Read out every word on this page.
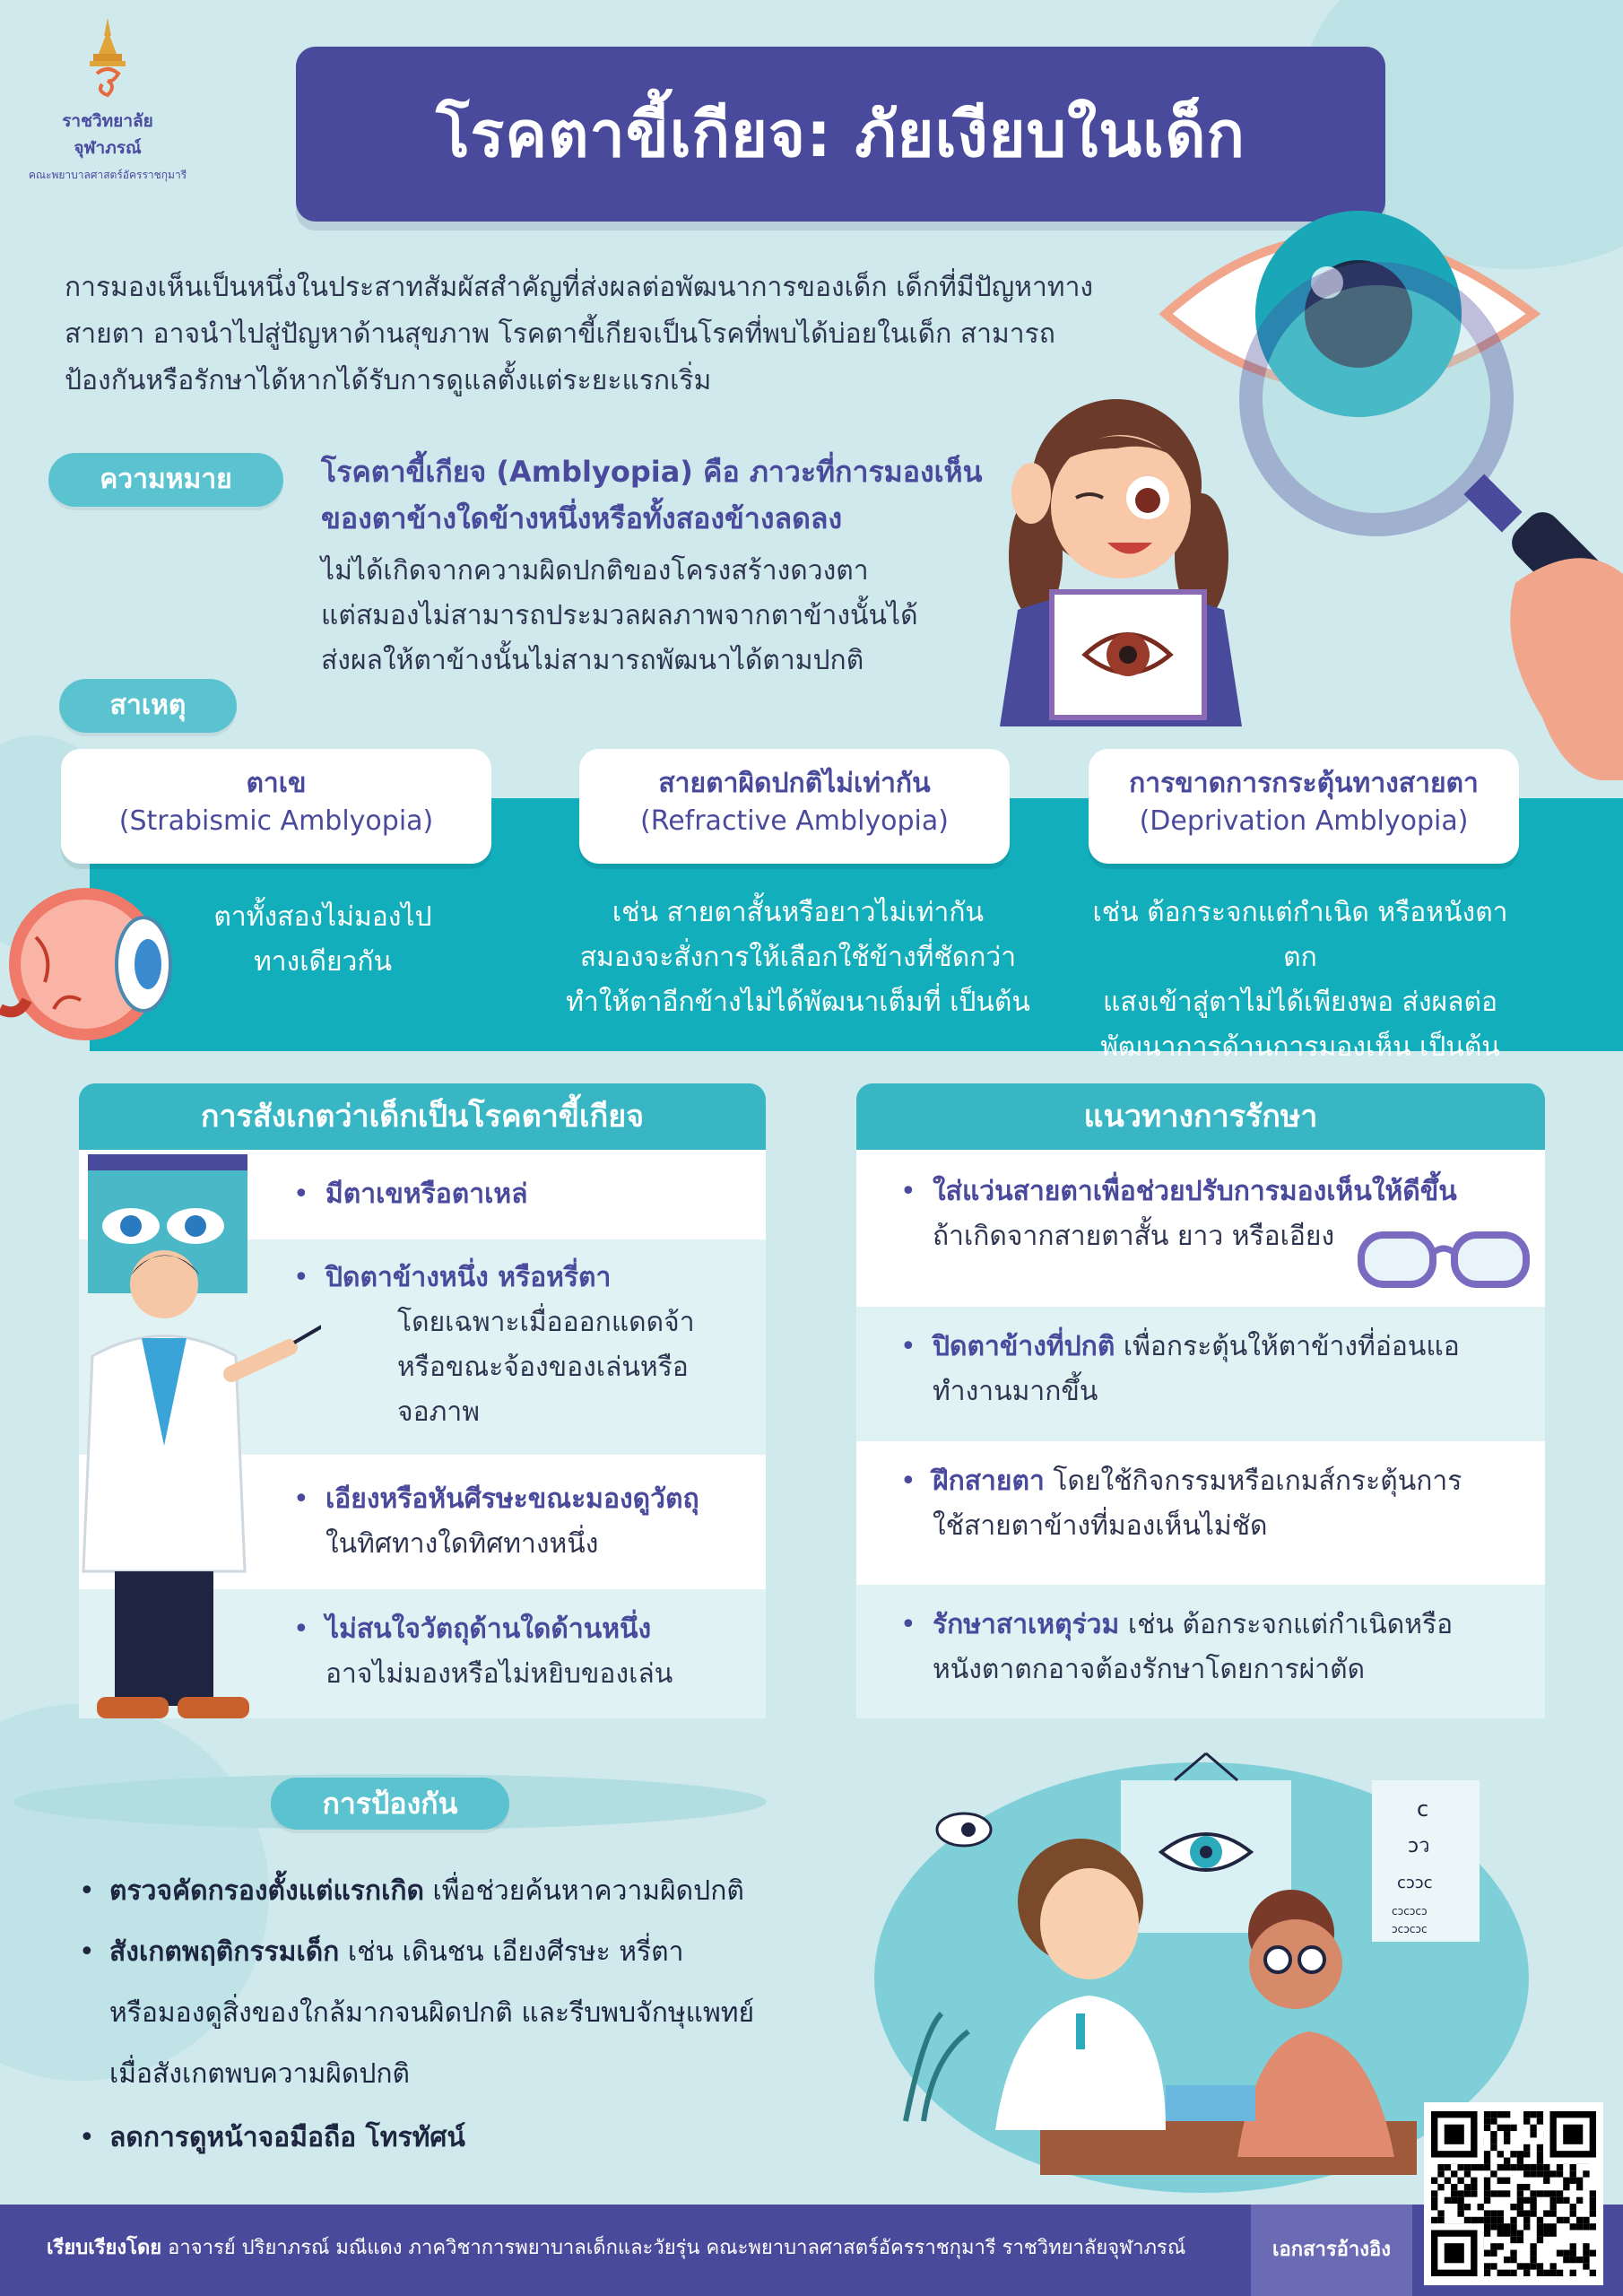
ราชวิทยาลัย
จุฬาภรณ์
คณะพยาบาลศาสตร์อัครราชกุมารี
โรคตาขี้เกียจ: ภัยเงียบในเด็ก
การมองเห็นเป็นหนึ่งในประสาทสัมผัสสำคัญที่ส่งผลต่อพัฒนาการของเด็ก เด็กที่มีปัญหาทาง
สายตา อาจนำไปสู่ปัญหาด้านสุขภาพ โรคตาขี้เกียจเป็นโรคที่พบได้บ่อยในเด็ก สามารถ
ป้องกันหรือรักษาได้หากได้รับการดูแลตั้งแต่ระยะแรกเริ่ม
ความหมาย	โรคตาขี้เกียจ (Amblyopia) คือ ภาวะที่การมองเห็น
ของตาข้างใดข้างหนึ่งหรือทั้งสองข้างลดลง
ไม่ได้เกิดจากความผิดปกติของโครงสร้างดวงตา
แต่สมองไม่สามารถประมวลผลภาพจากตาข้างนั้นได้
ส่งผลให้ตาข้างนั้นไม่สามารถพัฒนาได้ตามปกติ
สาเหตุ
ตาเข
(Strabismic Amblyopia)
สายตาผิดปกติไม่เท่ากัน
(Refractive Amblyopia)
การขาดการกระตุ้นทางสายตา
(Deprivation Amblyopia)
ตาทั้งสองไม่มองไป
ทางเดียวกัน
เช่น สายตาสั้นหรือยาวไม่เท่ากัน
สมองจะสั่งการให้เลือกใช้ข้างที่ชัดกว่า
ทำให้ตาอีกข้างไม่ได้พัฒนาเต็มที่ เป็นต้น
เช่น ต้อกระจกแต่กำเนิด หรือหนังตาตก
แสงเข้าสู่ตาไม่ได้เพียงพอ ส่งผลต่อ
พัฒนาการด้านการมองเห็น เป็นต้น
การสังเกตว่าเด็กเป็นโรคตาขี้เกียจ
• มีตาเขหรือตาเหล่
• ปิดตาข้างหนึ่ง หรือหรี่ตา
โดยเฉพาะเมื่อออกแดดจ้า
หรือขณะจ้องของเล่นหรือ
จอภาพ
• เอียงหรือหันศีรษะขณะมองดูวัตถุ
ในทิศทางใดทิศทางหนึ่ง
• ไม่สนใจวัตถุด้านใดด้านหนึ่ง
อาจไม่มองหรือไม่หยิบของเล่น
แนวทางการรักษา
• ใส่แว่นสายตาเพื่อช่วยปรับการมองเห็นให้ดีขึ้น
ถ้าเกิดจากสายตาสั้น ยาว หรือเอียง
• ปิดตาข้างที่ปกติ เพื่อกระตุ้นให้ตาข้างที่อ่อนแอ
ทำงานมากขึ้น
• ฝึกสายตา โดยใช้กิจกรรมหรือเกมส์กระตุ้นการ
ใช้สายตาข้างที่มองเห็นไม่ชัด
• รักษาสาเหตุร่วม เช่น ต้อกระจกแต่กำเนิดหรือ
หนังตาตกอาจต้องรักษาโดยการผ่าตัด
การป้องกัน
• ตรวจคัดกรองตั้งแต่แรกเกิด เพื่อช่วยค้นหาความผิดปกติ
• สังเกตพฤติกรรมเด็ก เช่น เดินชน เอียงศีรษะ หรี่ตา
หรือมองดูสิ่งของใกล้มากจนผิดปกติ และรีบพบจักษุแพทย์
เมื่อสังเกตพบความผิดปกติ
• ลดการดูหน้าจอมือถือ โทรทัศน์
c
ɔว
cɔɔc
cɔcɔcɔ
ɔcɔcɔc
เรียบเรียงโดย อาจารย์ ปริยาภรณ์ มณีแดง ภาควิชาการพยาบาลเด็กและวัยรุ่น คณะพยาบาลศาสตร์อัครราชกุมารี ราชวิทยาลัยจุฬาภรณ์	เอกสารอ้างอิง
